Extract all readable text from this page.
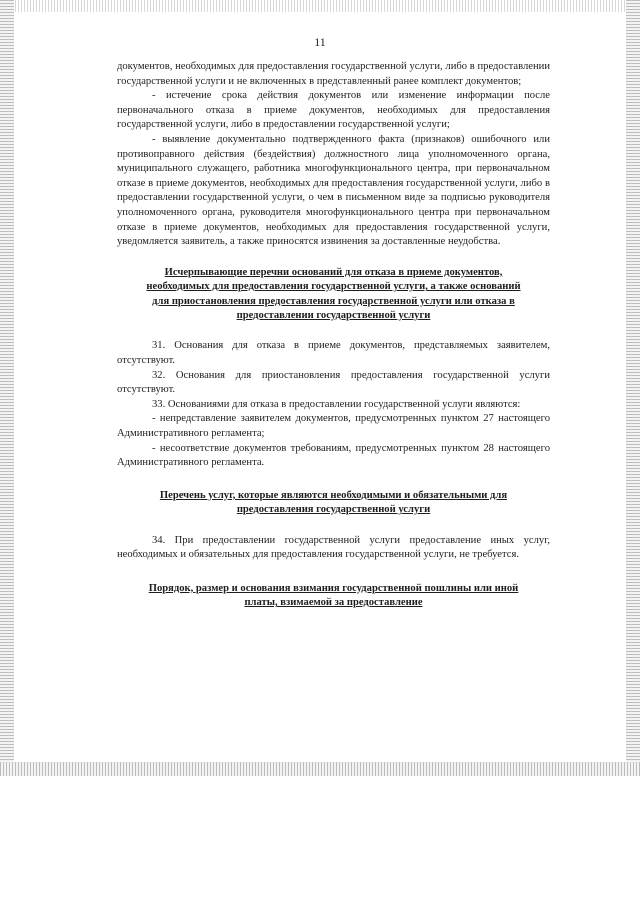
11

документов, необходимых для предоставления государственной услуги, либо в предоставлении государственной услуги и не включенных в представленный ранее комплект документов;

- истечение срока действия документов или изменение информации после первоначального отказа в приеме документов, необходимых для предоставления государственной услуги, либо в предоставлении государственной услуги;

- выявление документально подтвержденного факта (признаков) ошибочного или противоправного действия (бездействия) должностного лица уполномоченного органа, муниципального служащего, работника многофункционального центра, при первоначальном отказе в приеме документов, необходимых для предоставления государственной услуги, либо в предоставлении государственной услуги, о чем в письменном виде за подписью руководителя уполномоченного органа, руководителя многофункционального центра при первоначальном отказе в приеме документов, необходимых для предоставления государственной услуги, уведомляется заявитель, а также приносятся извинения за доставленные неудобства.

Исчерпывающие перечни оснований для отказа в приеме документов, необходимых для предоставления государственной услуги, а также оснований для приостановления предоставления государственной услуги или отказа в предоставлении государственной услуги

31. Основания для отказа в приеме документов, представляемых заявителем, отсутствуют.

32. Основания для приостановления предоставления государственной услуги отсутствуют.

33. Основаниями для отказа в предоставлении государственной услуги являются:

- непредставление заявителем документов, предусмотренных пунктом 27 настоящего Административного регламента;

- несоответствие документов требованиям, предусмотренных пунктом 28 настоящего Административного регламента.

Перечень услуг, которые являются необходимыми и обязательными для предоставления государственной услуги

34. При предоставлении государственной услуги предоставление иных услуг, необходимых и обязательных для предоставления государственной услуги, не требуется.

Порядок, размер и основания взимания государственной пошлины или иной платы, взимаемой за предоставление
